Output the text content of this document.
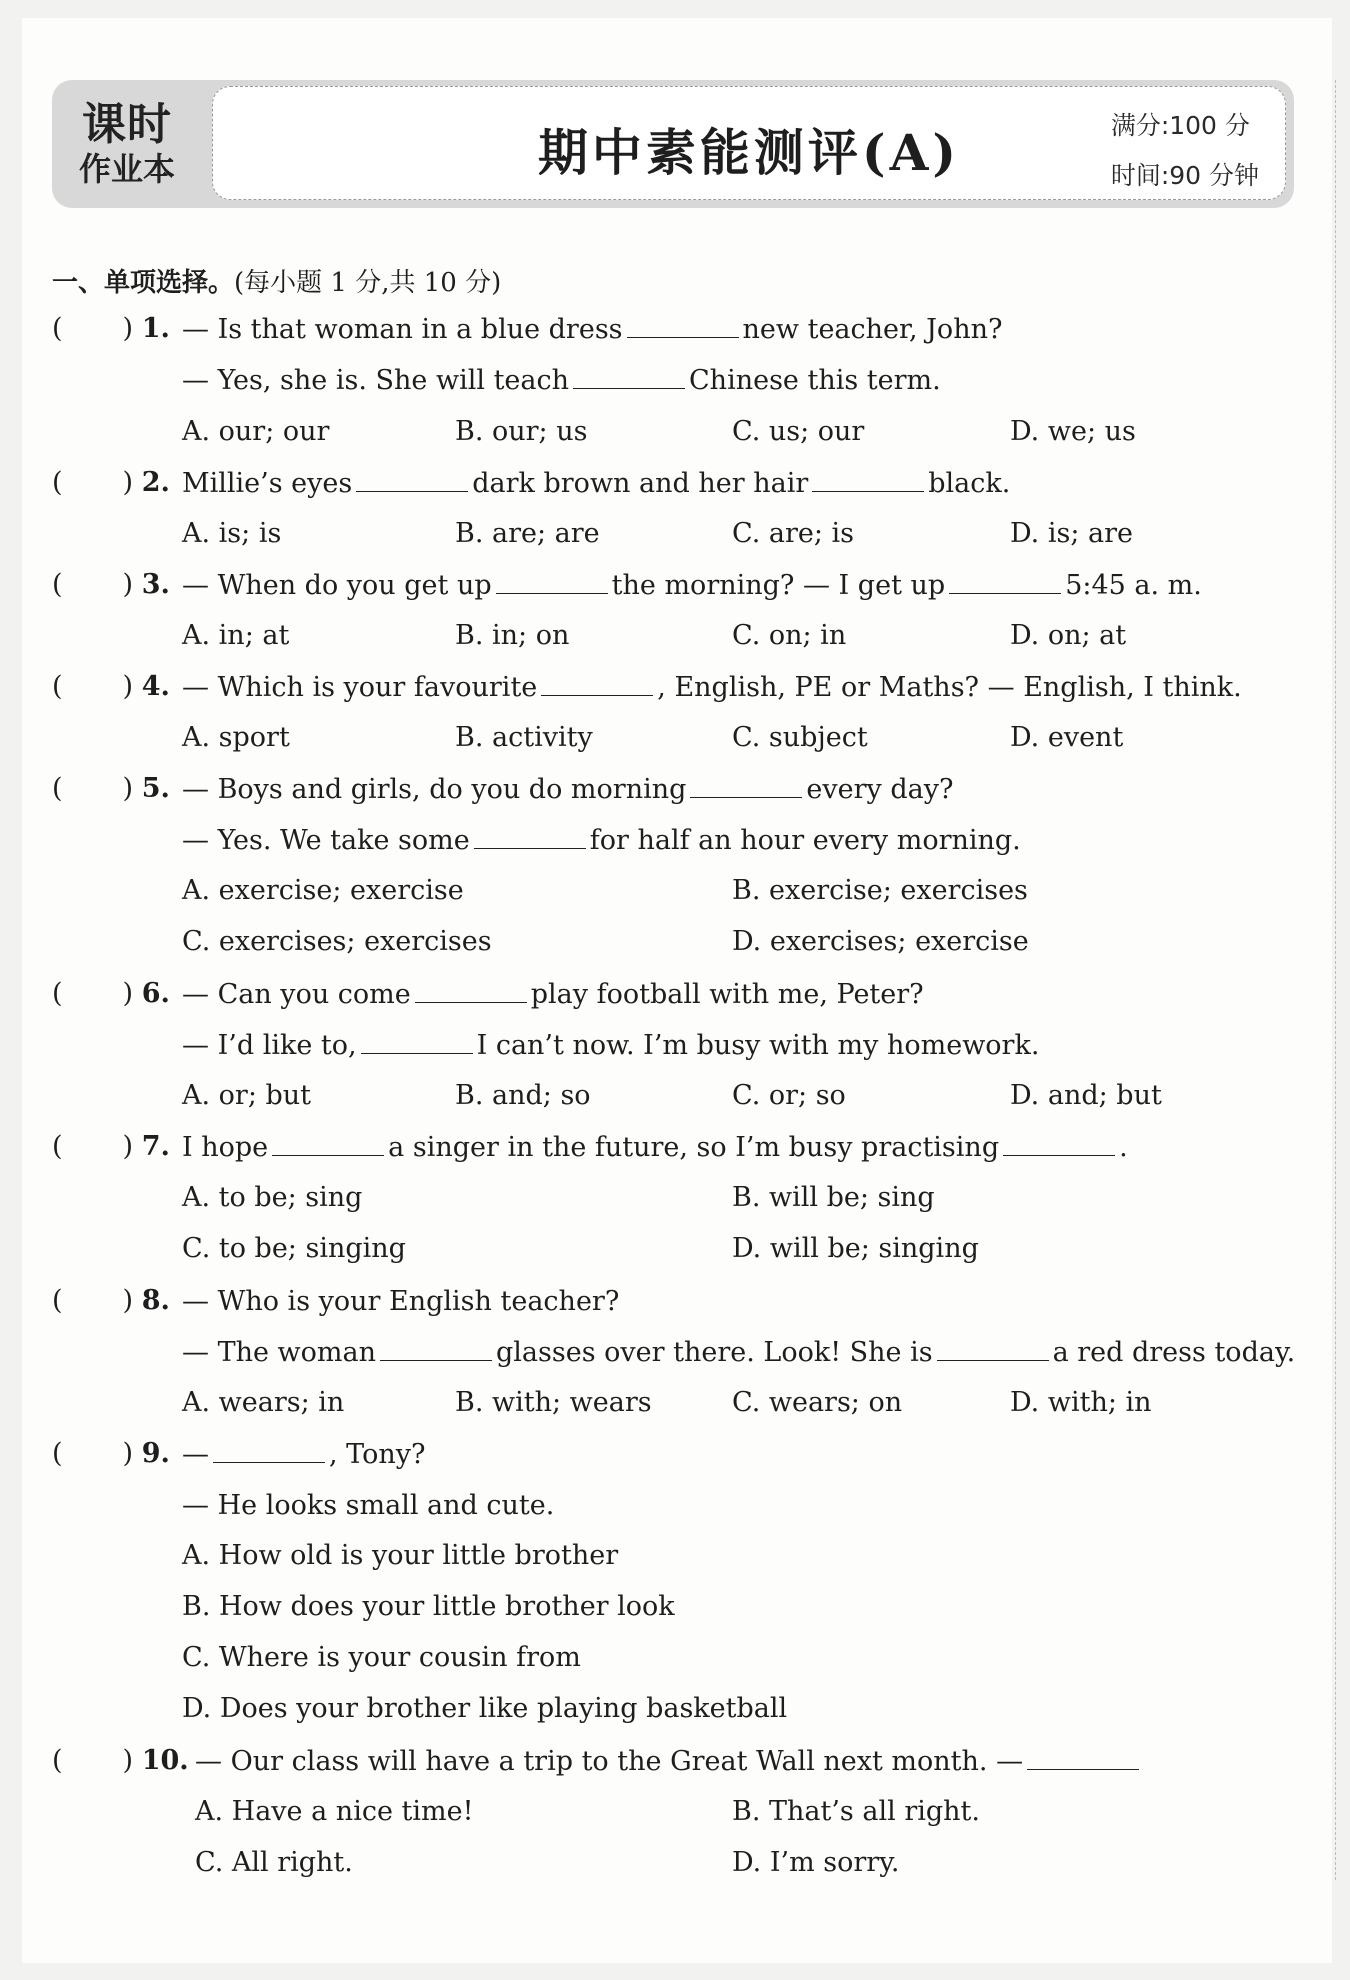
课时
作业本	期中素能测评(A)	满分:100 分
时间:90 分钟
一、单项选择。(每小题 1 分,共 10 分)
( ) 1. — Is that woman in a blue dress	new teacher, John?
— Yes, she is. She will teach	Chinese this term.
A. our; our	B. our; us	C. us; our	D. we; us
( ) 2. Millie’s eyes	dark brown and her hair	black.
A. is; is	B. are; are	C. are; is	D. is; are
( ) 3. — When do you get up	the morning? — I get up	5:45 a. m.
A. in; at	B. in; on	C. on; in	D. on; at
( ) 4. — Which is your favourite	, English, PE or Maths? — English, I think.
A. sport	B. activity	C. subject	D. event
( ) 5. — Boys and girls, do you do morning	every day?
— Yes. We take some	for half an hour every morning.
A. exercise; exercise	B. exercise; exercises
C. exercises; exercises	D. exercises; exercise
( ) 6. — Can you come	play football with me, Peter?
— I’d like to,	I can’t now. I’m busy with my homework.
A. or; but	B. and; so	C. or; so	D. and; but
( ) 7. I hope	a singer in the future, so I’m busy practising	.
A. to be; sing	B. will be; sing
C. to be; singing	D. will be; singing
( ) 8. — Who is your English teacher?
— The woman	glasses over there. Look! She is	a red dress today.
A. wears; in	B. with; wears	C. wears; on	D. with; in
( ) 9. —	, Tony?
— He looks small and cute.
A. How old is your little brother
B. How does your little brother look
C. Where is your cousin from
D. Does your brother like playing basketball
( ) 10. — Our class will have a trip to the Great Wall next month. —
A. Have a nice time!	B. That’s all right.
C. All right.	D. I’m sorry.
